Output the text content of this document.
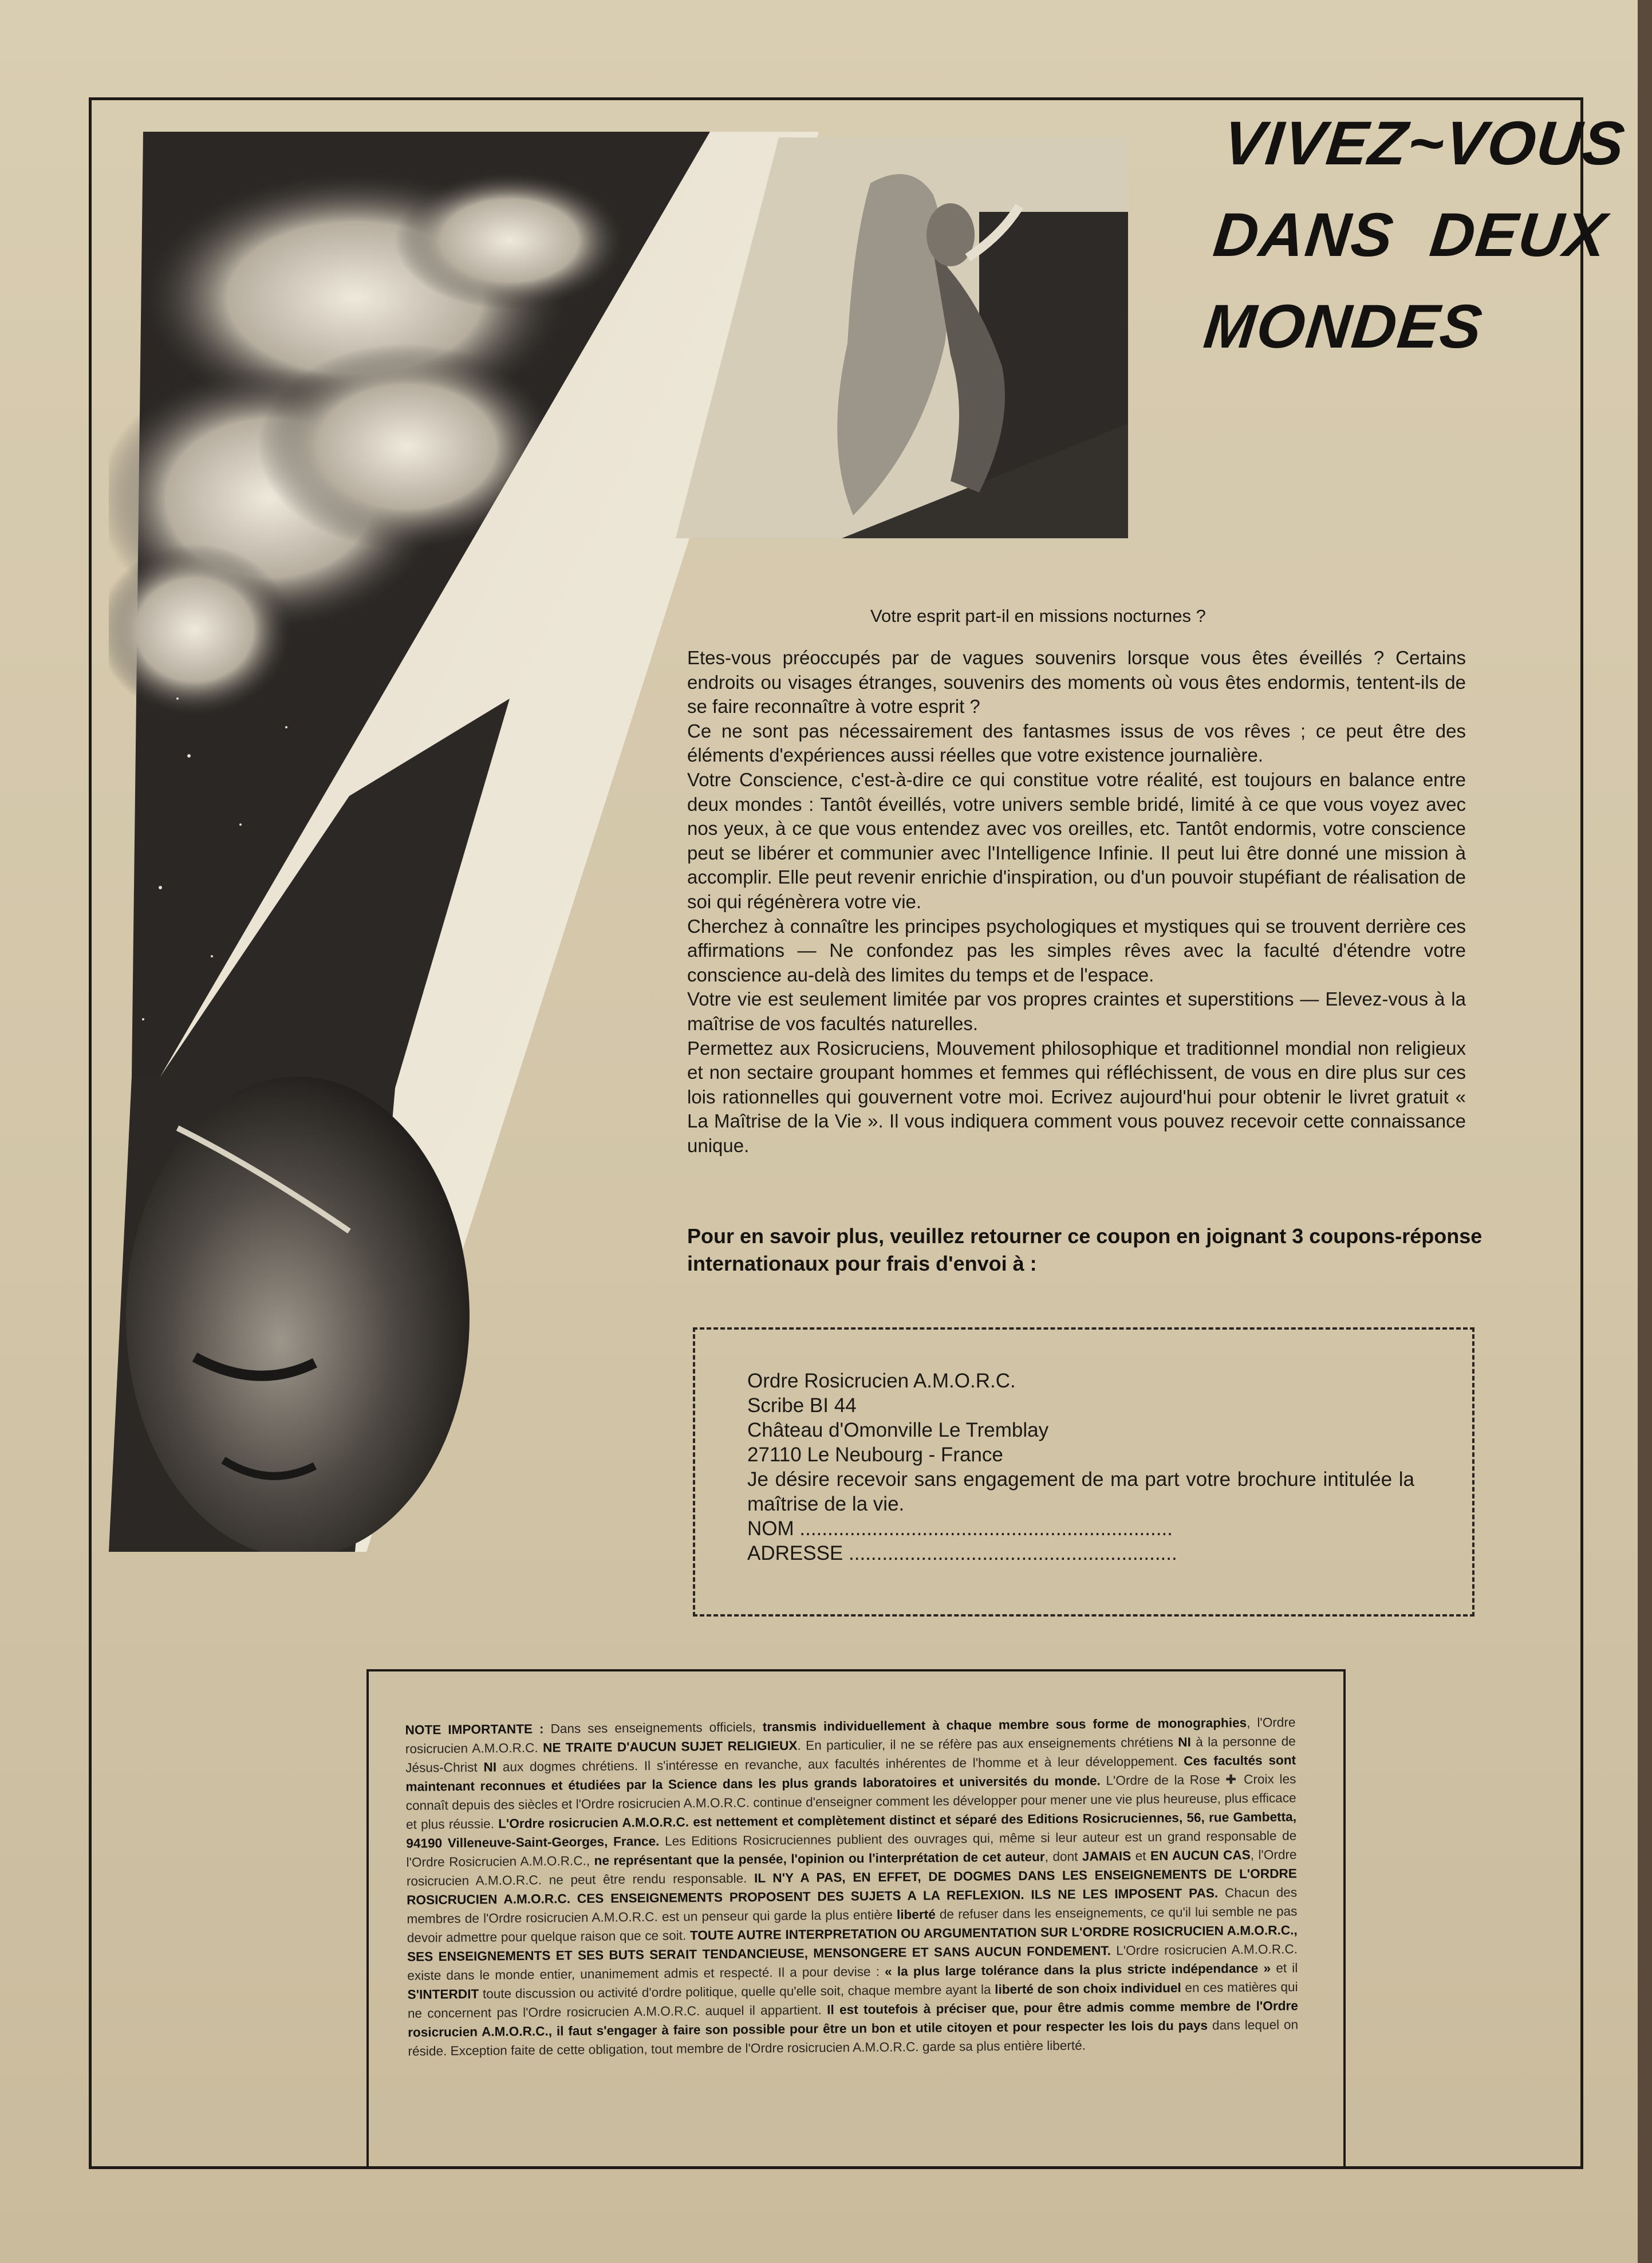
VIVEZ~VOUS
DANS  DEUX
MONDES
Votre esprit part-il en missions nocturnes ?

Etes-vous préoccupés par de vagues souvenirs lorsque vous êtes éveillés ? Certains endroits ou visages étranges, souvenirs des moments où vous êtes endormis, tentent-ils de se faire reconnaître à votre esprit ?

Ce ne sont pas nécessairement des fantasmes issus de vos rêves ; ce peut être des éléments d'expériences aussi réelles que votre existence journalière.

Votre Conscience, c'est-à-dire ce qui constitue votre réalité, est toujours en balance entre deux mondes : Tantôt éveillés, votre univers semble bridé, limité à ce que vous voyez avec nos yeux, à ce que vous entendez avec vos oreilles, etc. Tantôt endormis, votre conscience peut se libérer et communier avec l'Intelligence Infinie. Il peut lui être donné une mission à accomplir. Elle peut revenir enrichie d'inspiration, ou d'un pouvoir stupéfiant de réalisation de soi qui régénèrera votre vie.

Cherchez à connaître les principes psychologiques et mystiques qui se trouvent derrière ces affirmations — Ne confondez pas les simples rêves avec la faculté d'étendre votre conscience au-delà des limites du temps et de l'espace.

Votre vie est seulement limitée par vos propres craintes et superstitions — Elevez-vous à la maîtrise de vos facultés naturelles.

Permettez aux Rosicruciens, Mouvement philosophique et traditionnel mondial non religieux et non sectaire groupant hommes et femmes qui réfléchissent, de vous en dire plus sur ces lois rationnelles qui gouvernent votre moi. Ecrivez aujourd'hui pour obtenir le livret gratuit « La Maîtrise de la Vie ». Il vous indiquera comment vous pouvez recevoir cette connaissance unique.

Pour en savoir plus, veuillez retourner ce coupon en joignant 3 coupons-réponse internationaux pour frais d'envoi à :
Ordre Rosicrucien A.M.O.R.C.
Scribe BI 44
Château d'Omonville Le Tremblay
27110 Le Neubourg - France
Je désire recevoir sans engagement de ma part votre brochure intitulée la maîtrise de la vie.
NOM ...................................................................
ADRESSE ...........................................................
NOTE IMPORTANTE : Dans ses enseignements officiels, transmis individuellement à chaque membre sous forme de monographies, l'Ordre rosicrucien A.M.O.R.C. NE TRAITE D'AUCUN SUJET RELIGIEUX. En particulier, il ne se réfère pas aux enseignements chrétiens NI à la personne de Jésus-Christ NI aux dogmes chrétiens. Il s'intéresse en revanche, aux facultés inhérentes de l'homme et à leur développement. Ces facultés sont maintenant reconnues et étudiées par la Science dans les plus grands laboratoires et universités du monde. L'Ordre de la Rose ✚ Croix les connaît depuis des siècles et l'Ordre rosicrucien A.M.O.R.C. continue d'enseigner comment les développer pour mener une vie plus heureuse, plus efficace et plus réussie. L'Ordre rosicrucien A.M.O.R.C. est nettement et complètement distinct et séparé des Editions Rosicruciennes, 56, rue Gambetta, 94190 Villeneuve-Saint-Georges, France. Les Editions Rosicruciennes publient des ouvrages qui, même si leur auteur est un grand responsable de l'Ordre Rosicrucien A.M.O.R.C., ne représentant que la pensée, l'opinion ou l'interprétation de cet auteur, dont JAMAIS et EN AUCUN CAS, l'Ordre rosicrucien A.M.O.R.C. ne peut être rendu responsable. IL N'Y A PAS, EN EFFET, DE DOGMES DANS LES ENSEIGNEMENTS DE L'ORDRE ROSICRUCIEN A.M.O.R.C. CES ENSEIGNEMENTS PROPOSENT DES SUJETS A LA REFLEXION. ILS NE LES IMPOSENT PAS. Chacun des membres de l'Ordre rosicrucien A.M.O.R.C. est un penseur qui garde la plus entière liberté de refuser dans les enseignements, ce qu'il lui semble ne pas devoir admettre pour quelque raison que ce soit. TOUTE AUTRE INTERPRETATION OU ARGUMENTATION SUR L'ORDRE ROSICRUCIEN A.M.O.R.C., SES ENSEIGNEMENTS ET SES BUTS SERAIT TENDANCIEUSE, MENSONGERE ET SANS AUCUN FONDEMENT. L'Ordre rosicrucien A.M.O.R.C. existe dans le monde entier, unanimement admis et respecté. Il a pour devise : « la plus large tolérance dans la plus stricte indépendance » et il S'INTERDIT toute discussion ou activité d'ordre politique, quelle qu'elle soit, chaque membre ayant la liberté de son choix individuel en ces matières qui ne concernent pas l'Ordre rosicrucien A.M.O.R.C. auquel il appartient. Il est toutefois à préciser que, pour être admis comme membre de l'Ordre rosicrucien A.M.O.R.C., il faut s'engager à faire son possible pour être un bon et utile citoyen et pour respecter les lois du pays dans lequel on réside. Exception faite de cette obligation, tout membre de l'Ordre rosicrucien A.M.O.R.C. garde sa plus entière liberté.
